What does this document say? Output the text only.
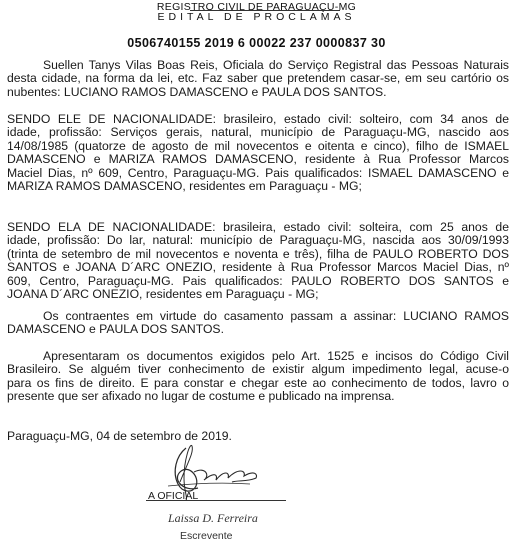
REGISTRO CIVIL DE PARAGUAÇU-MG
EDITAL DE PROCLAMAS
0506740155 2019 6 00022 237 0000837 30
Suellen Tanys Vilas Boas Reis, Oficiala do Serviço Registral das Pessoas Naturais
desta cidade, na forma da lei, etc. Faz saber que pretendem casar-se, em seu cartório os
nubentes: LUCIANO RAMOS DAMASCENO e PAULA DOS SANTOS.
SENDO ELE DE NACIONALIDADE: brasileiro, estado civil: solteiro, com 34 anos de
idade, profissão: Serviços gerais, natural, município de Paraguaçu-MG, nascido aos
14/08/1985 (quatorze de agosto de mil novecentos e oitenta e cinco), filho de ISMAEL
DAMASCENO e MARIZA RAMOS DAMASCENO, residente à Rua Professor Marcos
Maciel Dias, nº 609, Centro, Paraguaçu-MG. Pais qualificados: ISMAEL DAMASCENO e
MARIZA RAMOS DAMASCENO, residentes em Paraguaçu - MG;
SENDO ELA DE NACIONALIDADE: brasileira, estado civil: solteira, com 25 anos de
idade, profissão: Do lar, natural: município de Paraguaçu-MG, nascida aos 30/09/1993
(trinta de setembro de mil novecentos e noventa e três), filha de PAULO ROBERTO DOS
SANTOS e JOANA D´ARC ONEZIO, residente à Rua Professor Marcos Maciel Dias, nº
609, Centro, Paraguaçu-MG. Pais qualificados: PAULO ROBERTO DOS SANTOS e
JOANA D´ARC ONEZIO, residentes em Paraguaçu - MG;
Os contraentes em virtude do casamento passam a assinar: LUCIANO RAMOS
DAMASCENO e PAULA DOS SANTOS.
Apresentaram os documentos exigidos pelo Art. 1525 e incisos do Código Civil
Brasileiro. Se alguém tiver conhecimento de existir algum impedimento legal, acuse-o
para os fins de direito. E para constar e chegar este ao conhecimento de todos, lavro o
presente que ser afixado no lugar de costume e publicado na imprensa.
Paraguaçu-MG, 04 de setembro de 2019.
A OFICIAL
Laissa D. Ferreira
Escrevente
